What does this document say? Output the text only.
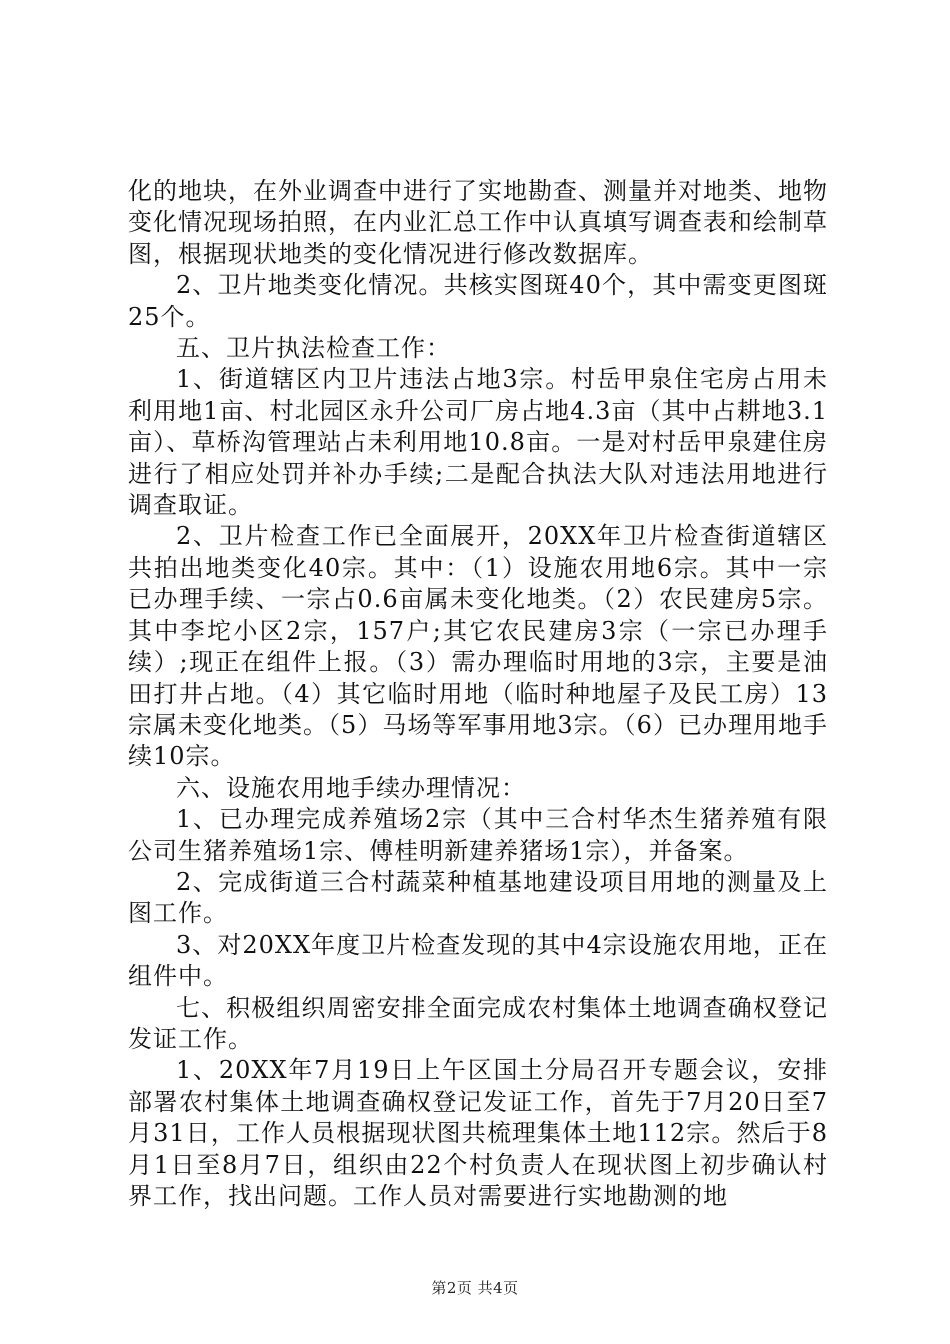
化的地块，在外业调查中进行了实地勘查、测量并对地类、地物变化情况现场拍照，在内业汇总工作中认真填写调查表和绘制草图，根据现状地类的变化情况进行修改数据库。

2、卫片地类变化情况。共核实图斑40个，其中需变更图斑25个。

五、卫片执法检查工作：

1、街道辖区内卫片违法占地3宗。村岳甲泉住宅房占用未利用地1亩、村北园区永升公司厂房占地4.3亩（其中占耕地3.1亩）、草桥沟管理站占未利用地10.8亩。一是对村岳甲泉建住房进行了相应处罚并补办手续;二是配合执法大队对违法用地进行调查取证。

2、卫片检查工作已全面展开，20XX年卫片检查街道辖区共拍出地类变化40宗。其中：（1）设施农用地6宗。其中一宗已办理手续、一宗占0.6亩属未变化地类。（2）农民建房5宗。其中李坨小区2宗，157户;其它农民建房3宗（一宗已办理手续）;现正在组件上报。（3）需办理临时用地的3宗，主要是油田打井占地。（4）其它临时用地（临时种地屋子及民工房）13宗属未变化地类。（5）马场等军事用地3宗。（6）已办理用地手续10宗。

六、设施农用地手续办理情况：

1、已办理完成养殖场2宗（其中三合村华杰生猪养殖有限公司生猪养殖场1宗、傅桂明新建养猪场1宗），并备案。

2、完成街道三合村蔬菜种植基地建设项目用地的测量及上图工作。

3、对20XX年度卫片检查发现的其中4宗设施农用地，正在组件中。

七、积极组织周密安排全面完成农村集体土地调查确权登记发证工作。

1、20XX年7月19日上午区国土分局召开专题会议，安排部署农村集体土地调查确权登记发证工作，首先于7月20日至7月31日，工作人员根据现状图共梳理集体土地112宗。然后于8月1日至8月7日，组织由22个村负责人在现状图上初步确认村界工作，找出问题。工作人员对需要进行实地勘测的地

第2页 共4页
